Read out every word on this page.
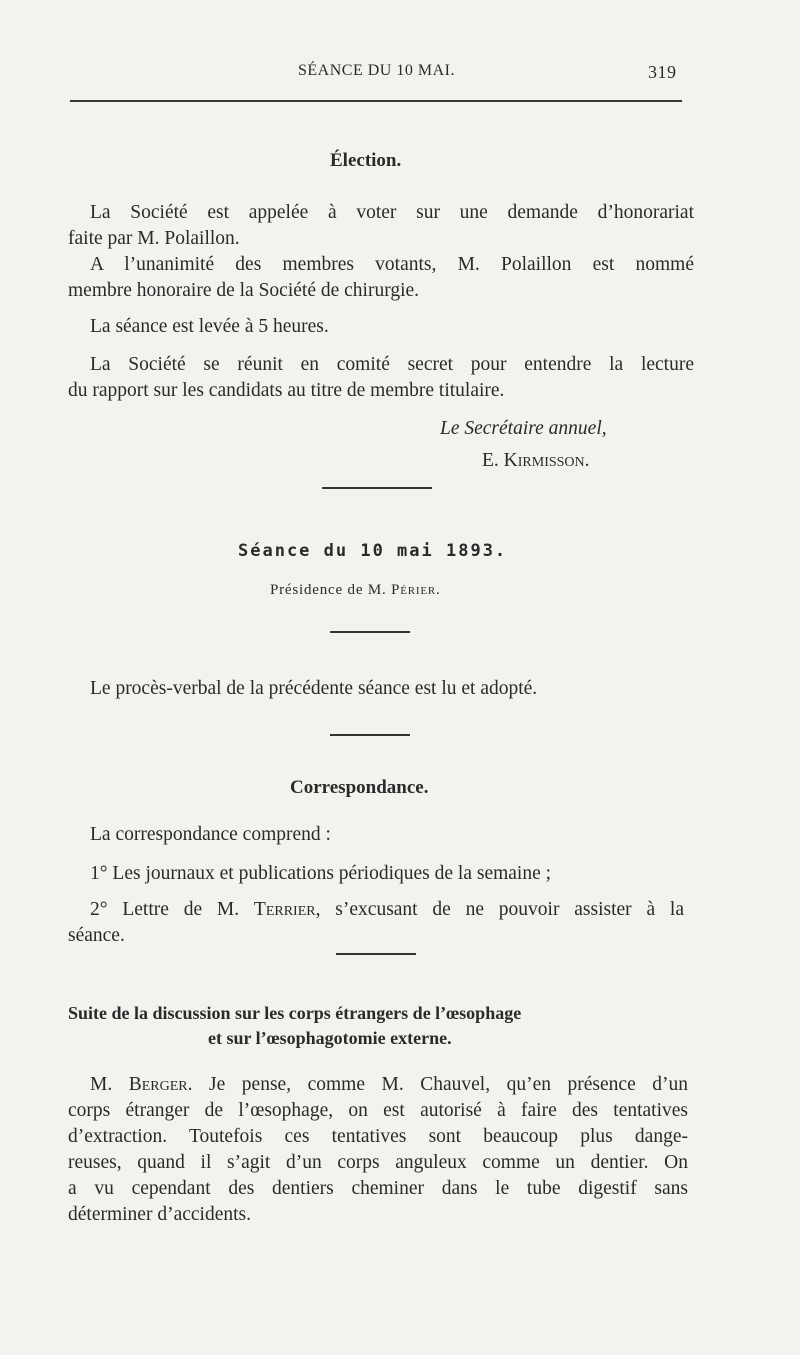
SÉANCE DU 10 MAI.	319
Élection.
La Société est appelée à voter sur une demande d’honorariat
faite par M. Polaillon.
A l’unanimité des membres votants, M. Polaillon est nommé
membre honoraire de la Société de chirurgie.
La séance est levée à 5 heures.
La Société se réunit en comité secret pour entendre la lecture
du rapport sur les candidats au titre de membre titulaire.
Le Secrétaire annuel,
E. Kirmisson.
Séance du 10 mai 1893.
Présidence de M. Périer.
Le procès-verbal de la précédente séance est lu et adopté.
Correspondance.
La correspondance comprend :
1° Les journaux et publications périodiques de la semaine ;
2° Lettre de M. Terrier, s’excusant de ne pouvoir assister à la
séance.
Suite de la discussion sur les corps étrangers de l’œsophage
et sur l’œsophagotomie externe.
M. Berger. Je pense, comme M. Chauvel, qu’en présence d’un
corps étranger de l’œsophage, on est autorisé à faire des tentatives
d’extraction. Toutefois ces tentatives sont beaucoup plus dange-
reuses, quand il s’agit d’un corps anguleux comme un dentier. On
a vu cependant des dentiers cheminer dans le tube digestif sans
déterminer d’accidents.
